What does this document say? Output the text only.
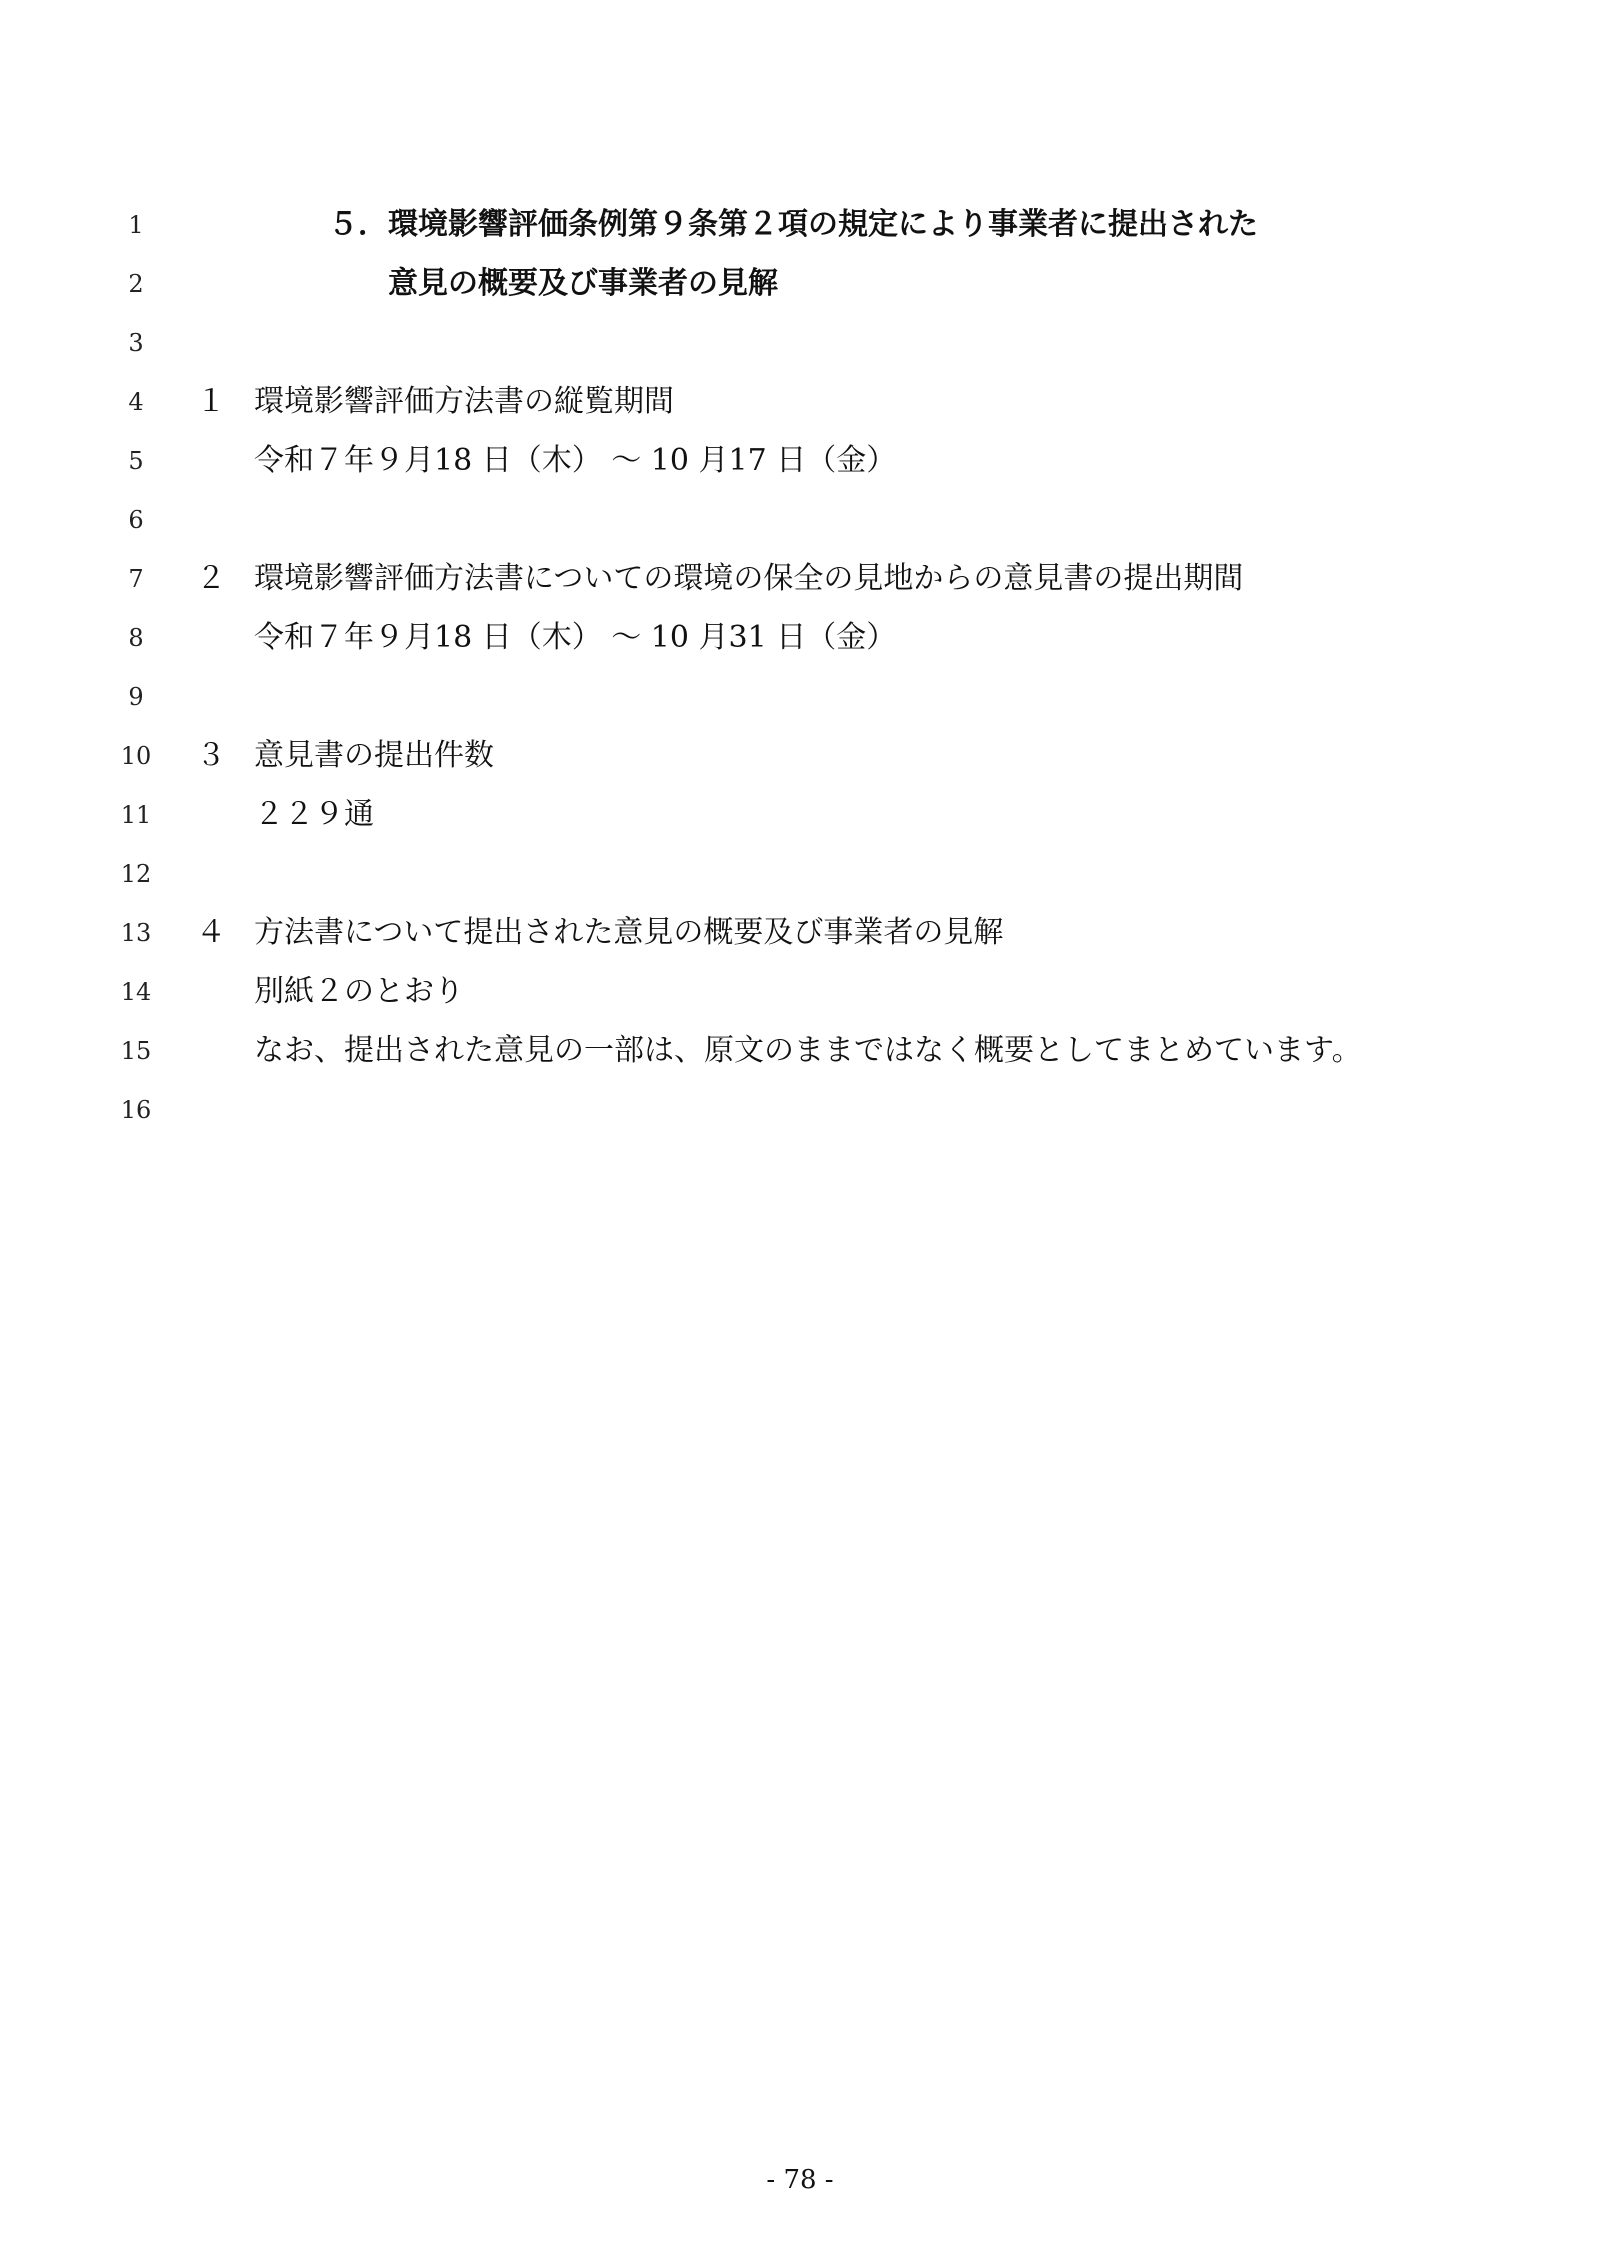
1	５．環境影響評価条例第９条第２項の規定により事業者に提出された
2	意見の概要及び事業者の見解
3
4	１ 環境影響評価方法書の縦覧期間
5	令和７年９月18 日（木） ～ 10 月17 日（金）
6
7	２ 環境影響評価方法書についての環境の保全の見地からの意見書の提出期間
8	令和７年９月18 日（木） ～ 10 月31 日（金）
9
10	３ 意見書の提出件数
11	２２９通
12
13	４ 方法書について提出された意見の概要及び事業者の見解
14	別紙２のとおり
15	なお、提出された意見の一部は、原文のままではなく概要としてまとめています。
16
- 78 -
